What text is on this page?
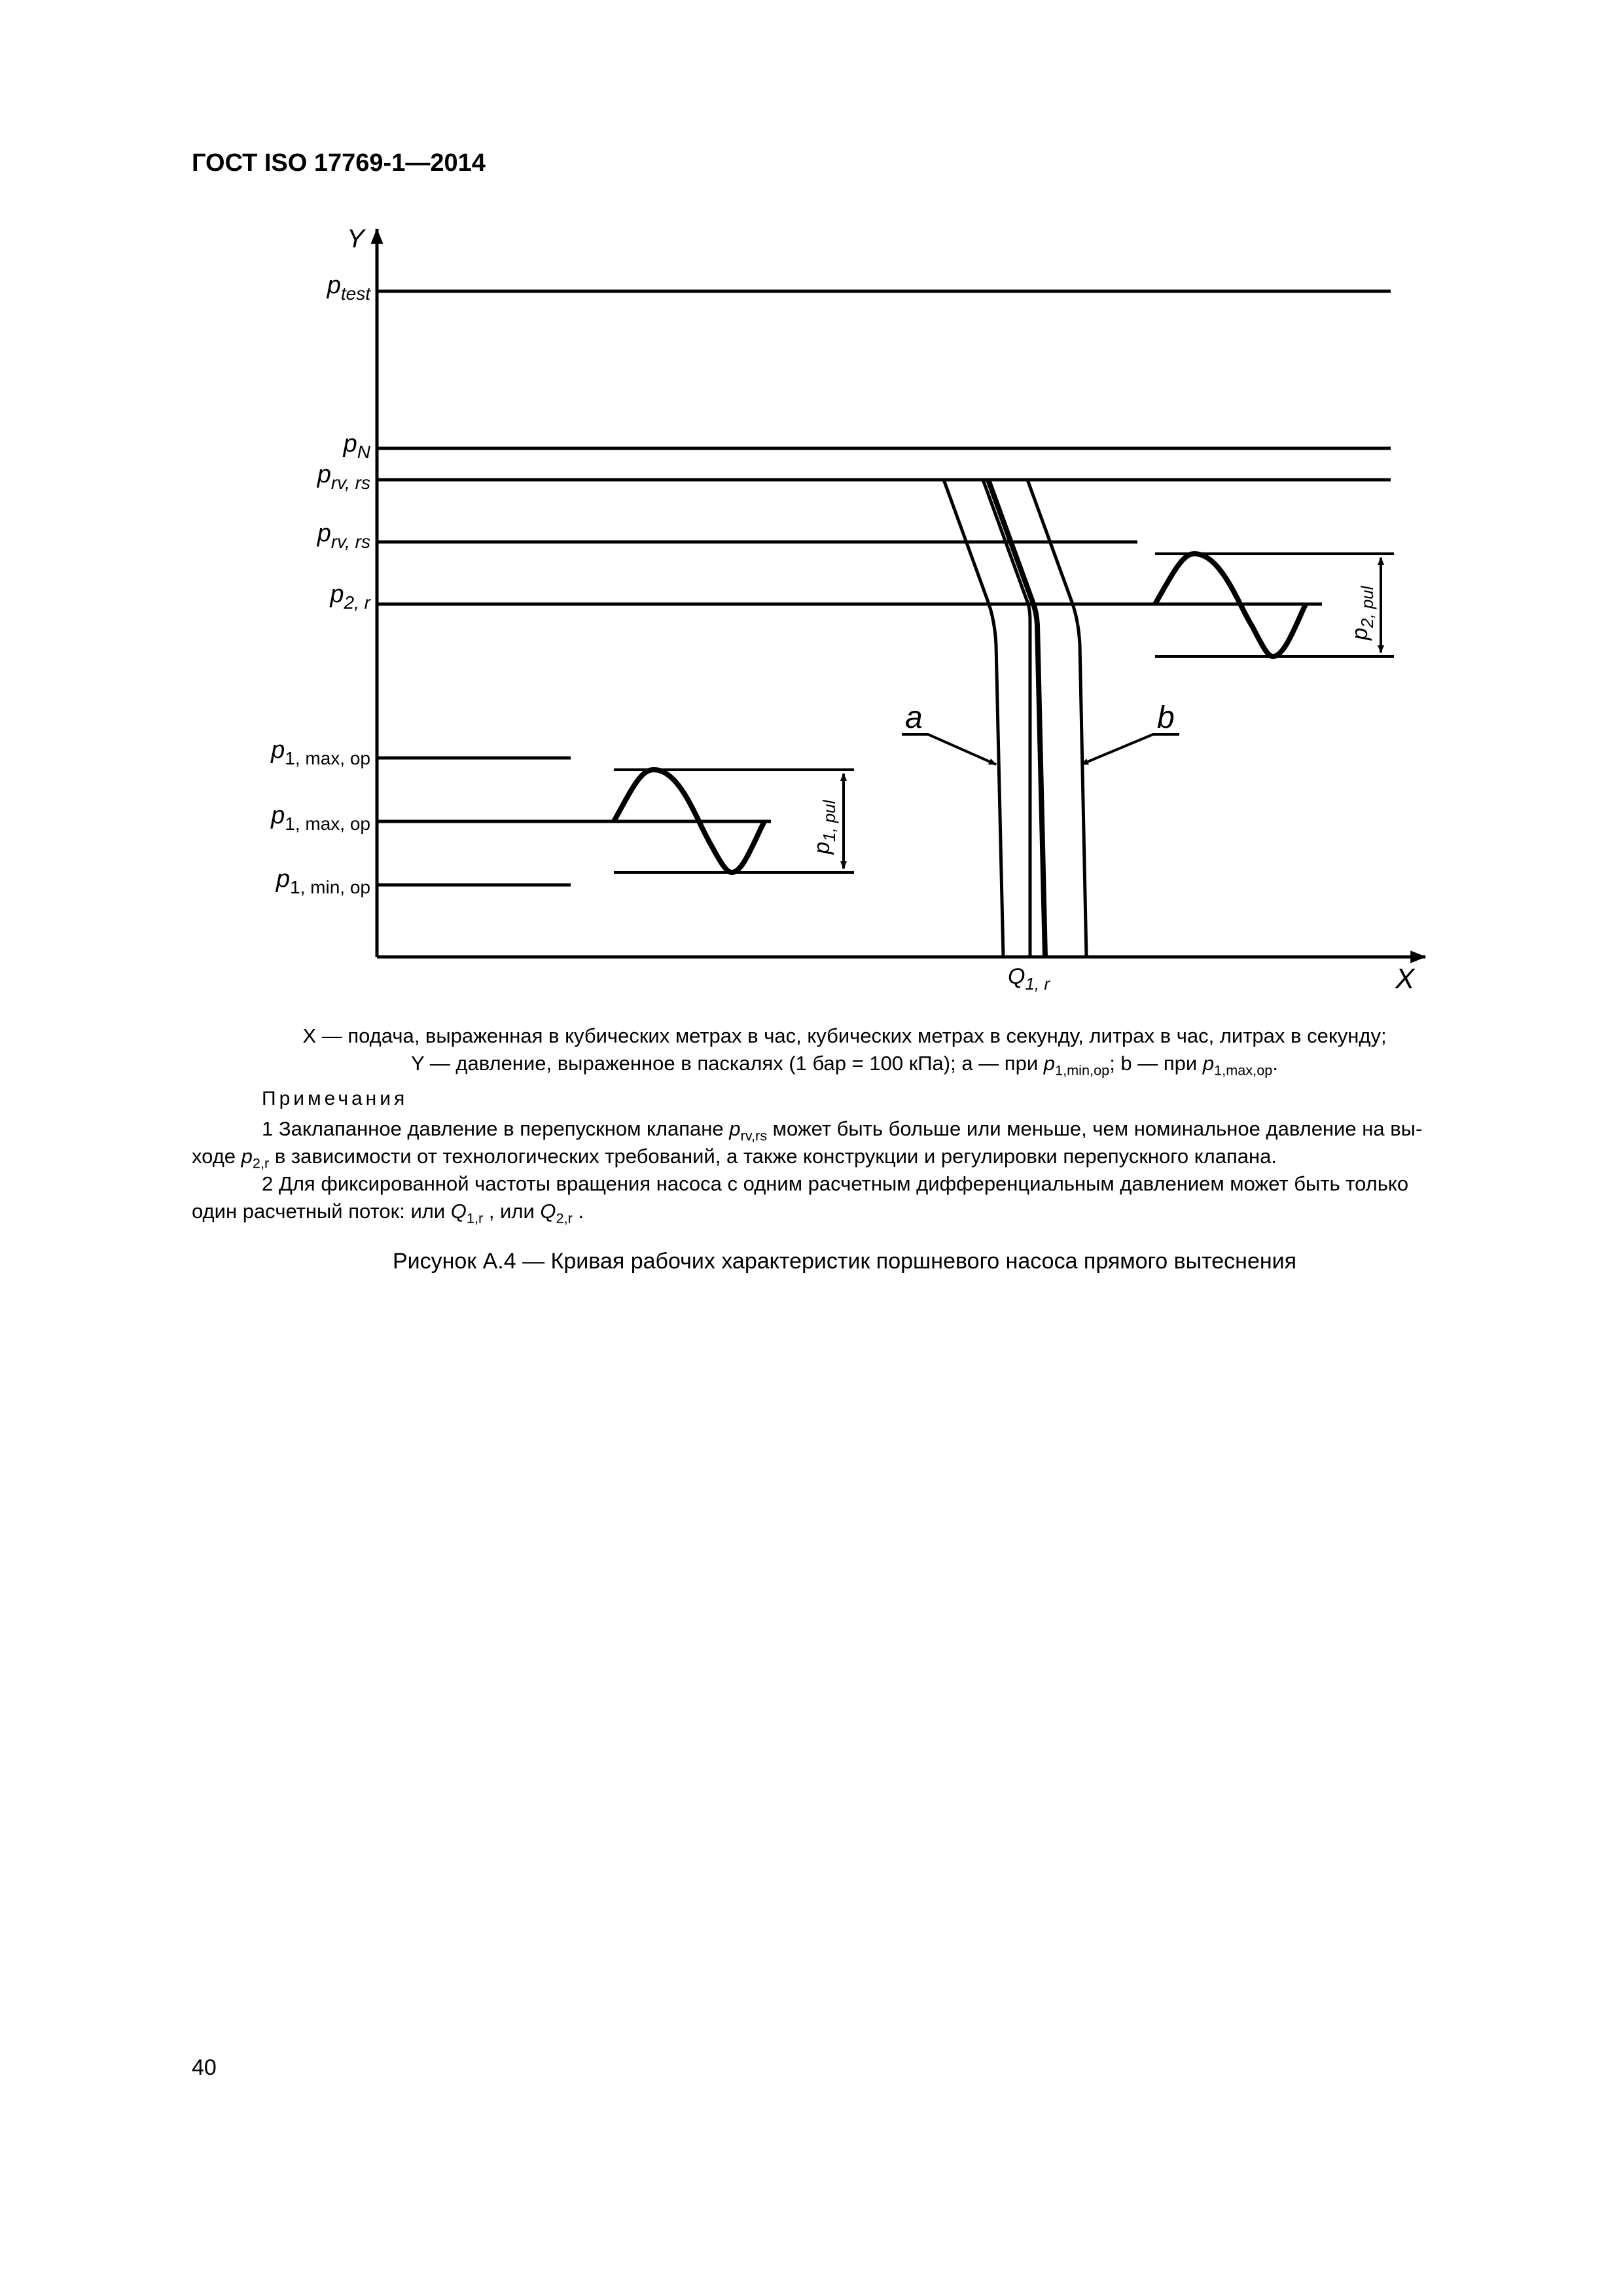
ГОСТ ISO 17769-1—2014
Y
X
$p_{test}$
$p_N$
$p_{rv, rs}$
$p_{rv, rs}$
$p_{2, r}$
$p_{1, max, op}$
$p_{1, max, op}$
$p_{1, min, op}$
$p_{1, pul}$
$p_{2, pul}$
a	b
$Q_{1, r}$
X — подача, выраженная в кубических метрах в час, кубических метрах в секунду, литрах в час, литрах в секунду;
Y — давление, выраженное в паскалях (1 бар = 100 кПа); a — при $p_{1,min,op}$; b — при $p_{1,max,op}$.
Примечания
1 Заклапанное давление в перепускном клапане $p_{rv,rs}$ может быть больше или меньше, чем номинальное давление на вы-
ходе $p_{2,r}$ в зависимости от технологических требований, а также конструкции и регулировки перепускного клапана.
2 Для фиксированной частоты вращения насоса с одним расчетным дифференциальным давлением может быть только
один расчетный поток: или $Q_{1,r}$ , или $Q_{2,r}$ .
Рисунок А.4 — Кривая рабочих характеристик поршневого насоса прямого вытеснения
40
